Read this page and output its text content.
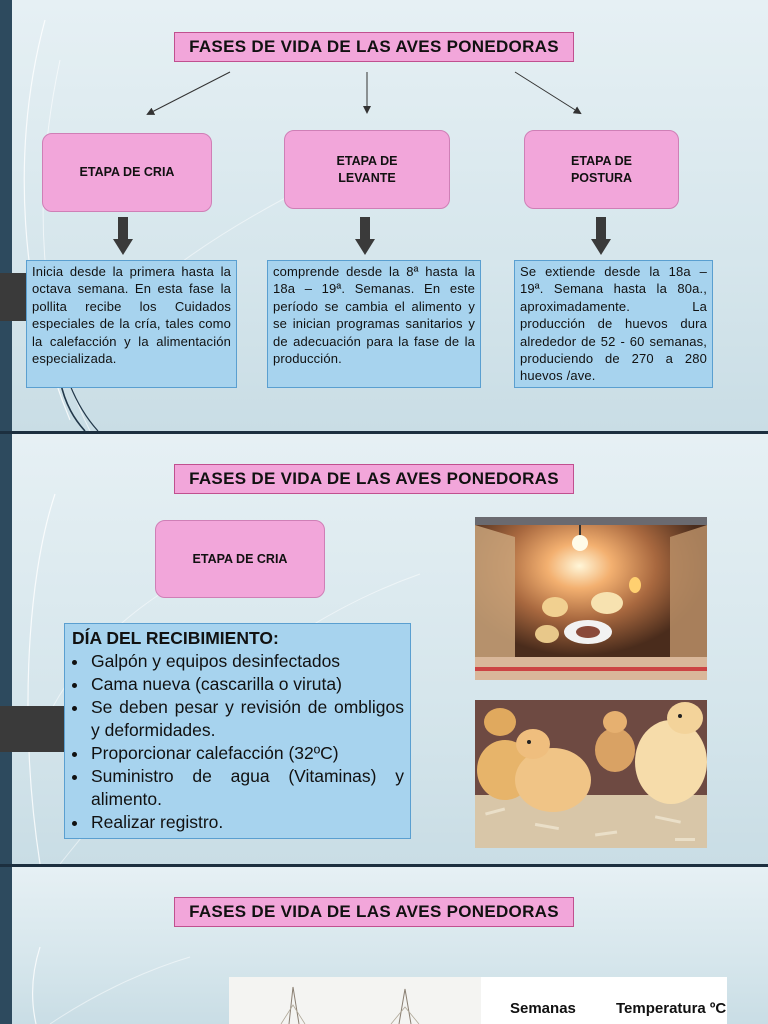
FASES DE VIDA DE LAS AVES PONEDORAS
ETAPA DE CRIA
ETAPA DE
LEVANTE
ETAPA DE
POSTURA
Inicia desde la primera hasta la octava semana. En esta fase la pollita recibe los Cuidados especiales de la cría, tales como la calefacción y la alimentación especializada.
comprende desde la 8ª hasta la 18a – 19ª. Semanas. En este período se cambia el alimento y se inician programas sanitarios y de adecuación para la fase de la producción.
Se extiende desde la 18a – 19ª. Semana hasta la 80a., aproximadamente. La producción de huevos dura alrededor de 52 - 60 semanas, produciendo de 270 a 280 huevos /ave.
FASES DE VIDA DE LAS AVES PONEDORAS
ETAPA DE CRIA
DÍA DEL RECIBIMIENTO:
• Galpón y equipos desinfectados
• Cama nueva (cascarilla o viruta)
• Se deben pesar y revisión de ombligos y deformidades.
• Proporcionar calefacción (32ºC)
• Suministro de agua (Vitaminas) y alimento.
• Realizar registro.
FASES DE VIDA DE LAS AVES PONEDORAS
Semanas	Temperatura ºC
